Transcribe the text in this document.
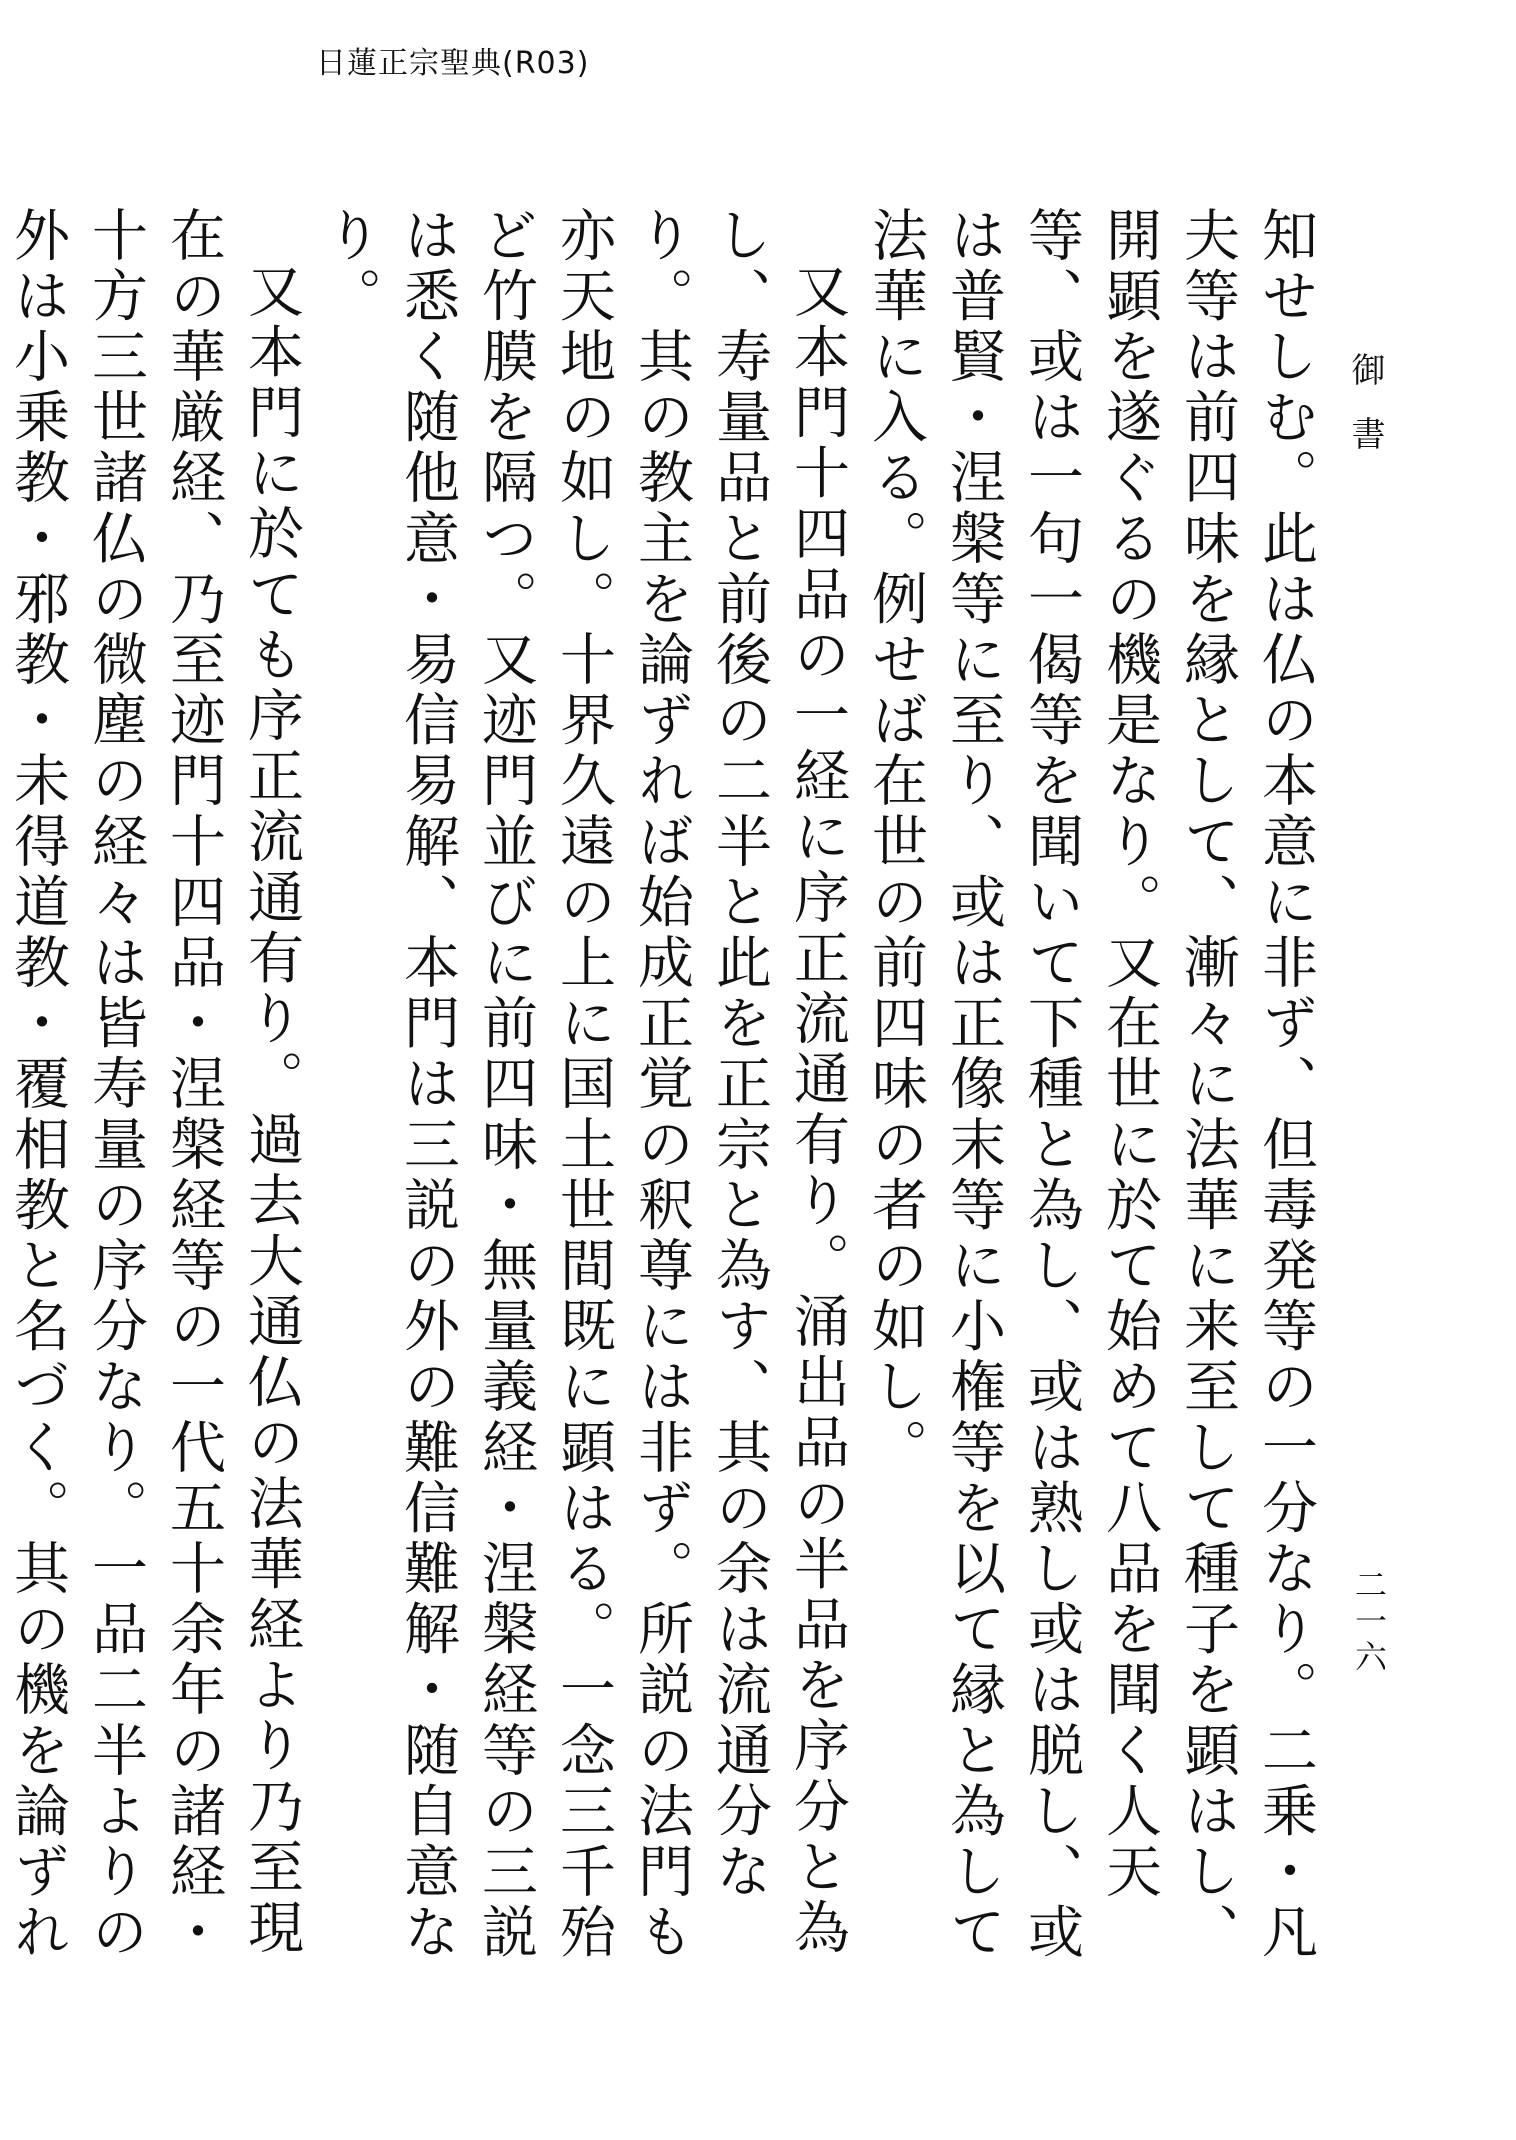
日蓮正宗聖典(R03)
御書
二一六

知せしむ。此は仏の本意に非ず、但毒発等の一分なり。二乗・凡夫等は前四味を縁として、漸々に法華に来至して種子を顕はし、開顕を遂ぐるの機是なり。又在世に於て始めて八品を聞く人天等、或は一句一偈等を聞いて下種と為し、或は熟し或は脱し、或は普賢・涅槃等に至り、或は正像末等に小権等を以て縁と為して法華に入る。例せば在世の前四味の者の如し。

又本門十四品の一経に序正流通有り。涌出品の半品を序分と為し、寿量品と前後の二半と此を正宗と為す、其の余は流通分なり。其の教主を論ずれば始成正覚の釈尊には非ず。所説の法門も亦天地の如し。十界久遠の上に国土世間既に顕はる。一念三千殆ど竹膜を隔つ。又迹門並びに前四味・無量義経・涅槃経等の三説は悉く随他意・易信易解、本門は三説の外の難信難解・随自意なり。

又本門に於ても序正流通有り。過去大通仏の法華経より乃至現在の華厳経、乃至迹門十四品・涅槃経等の一代五十余年の諸経・十方三世諸仏の微塵の経々は皆寿量の序分なり。一品二半よりの外は小乗教・邪教・未得道教・覆相教と名づく。其の機を論ずれ
